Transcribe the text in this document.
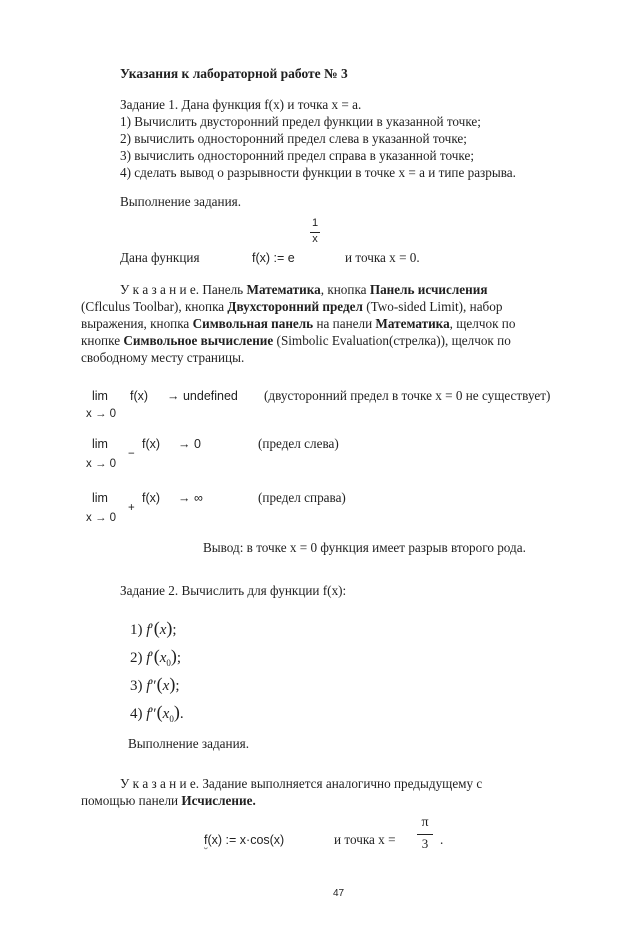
Указания к лабораторной работе № 3
Задание 1. Дана функция f(x) и точка x = a.
1) Вычислить двусторонний предел функции в указанной точке;
2) вычислить односторонний предел слева в указанной точке;
3) вычислить односторонний предел справа в указанной точке;
4) сделать вывод о разрывности функции в точке x = a и типе разрыва.
Выполнение задания.
Дана функция	f(x) := e
1
x
и точка x = 0.
У к а з а н и е. Панель Математика, кнопка Панель исчисления
(Cflculus Toolbar), кнопка Двухсторонний предел (Two-sided Limit), набор
выражения, кнопка Символьная панель на панели Математика, щелчок по
кнопке Символьное вычисление (Simbolic Evaluation(стрелка)), щелчок по
свободному месту страницы.
lim f(x) → undefined
x → 0
(двусторонний предел в точке x = 0 не существует)
lim	f(x) → 0
x → 0
−
(предел слева)
lim	f(x) → ∞
x → 0
+
(предел справа)
Вывод: в точке x = 0 функция имеет разрыв второго рода.
Задание 2. Вычислить для функции f(x):
1) f′(x);
2) $f'(x_0)$;
3) f″(x);
4) $f''(x_0)$.
Выполнение задания.
У к а з а н и е. Задание выполняется аналогично предыдущему с
помощью панели Исчисление.
f(x) := x·cos(x)	и точка x =
π
3 .
47
